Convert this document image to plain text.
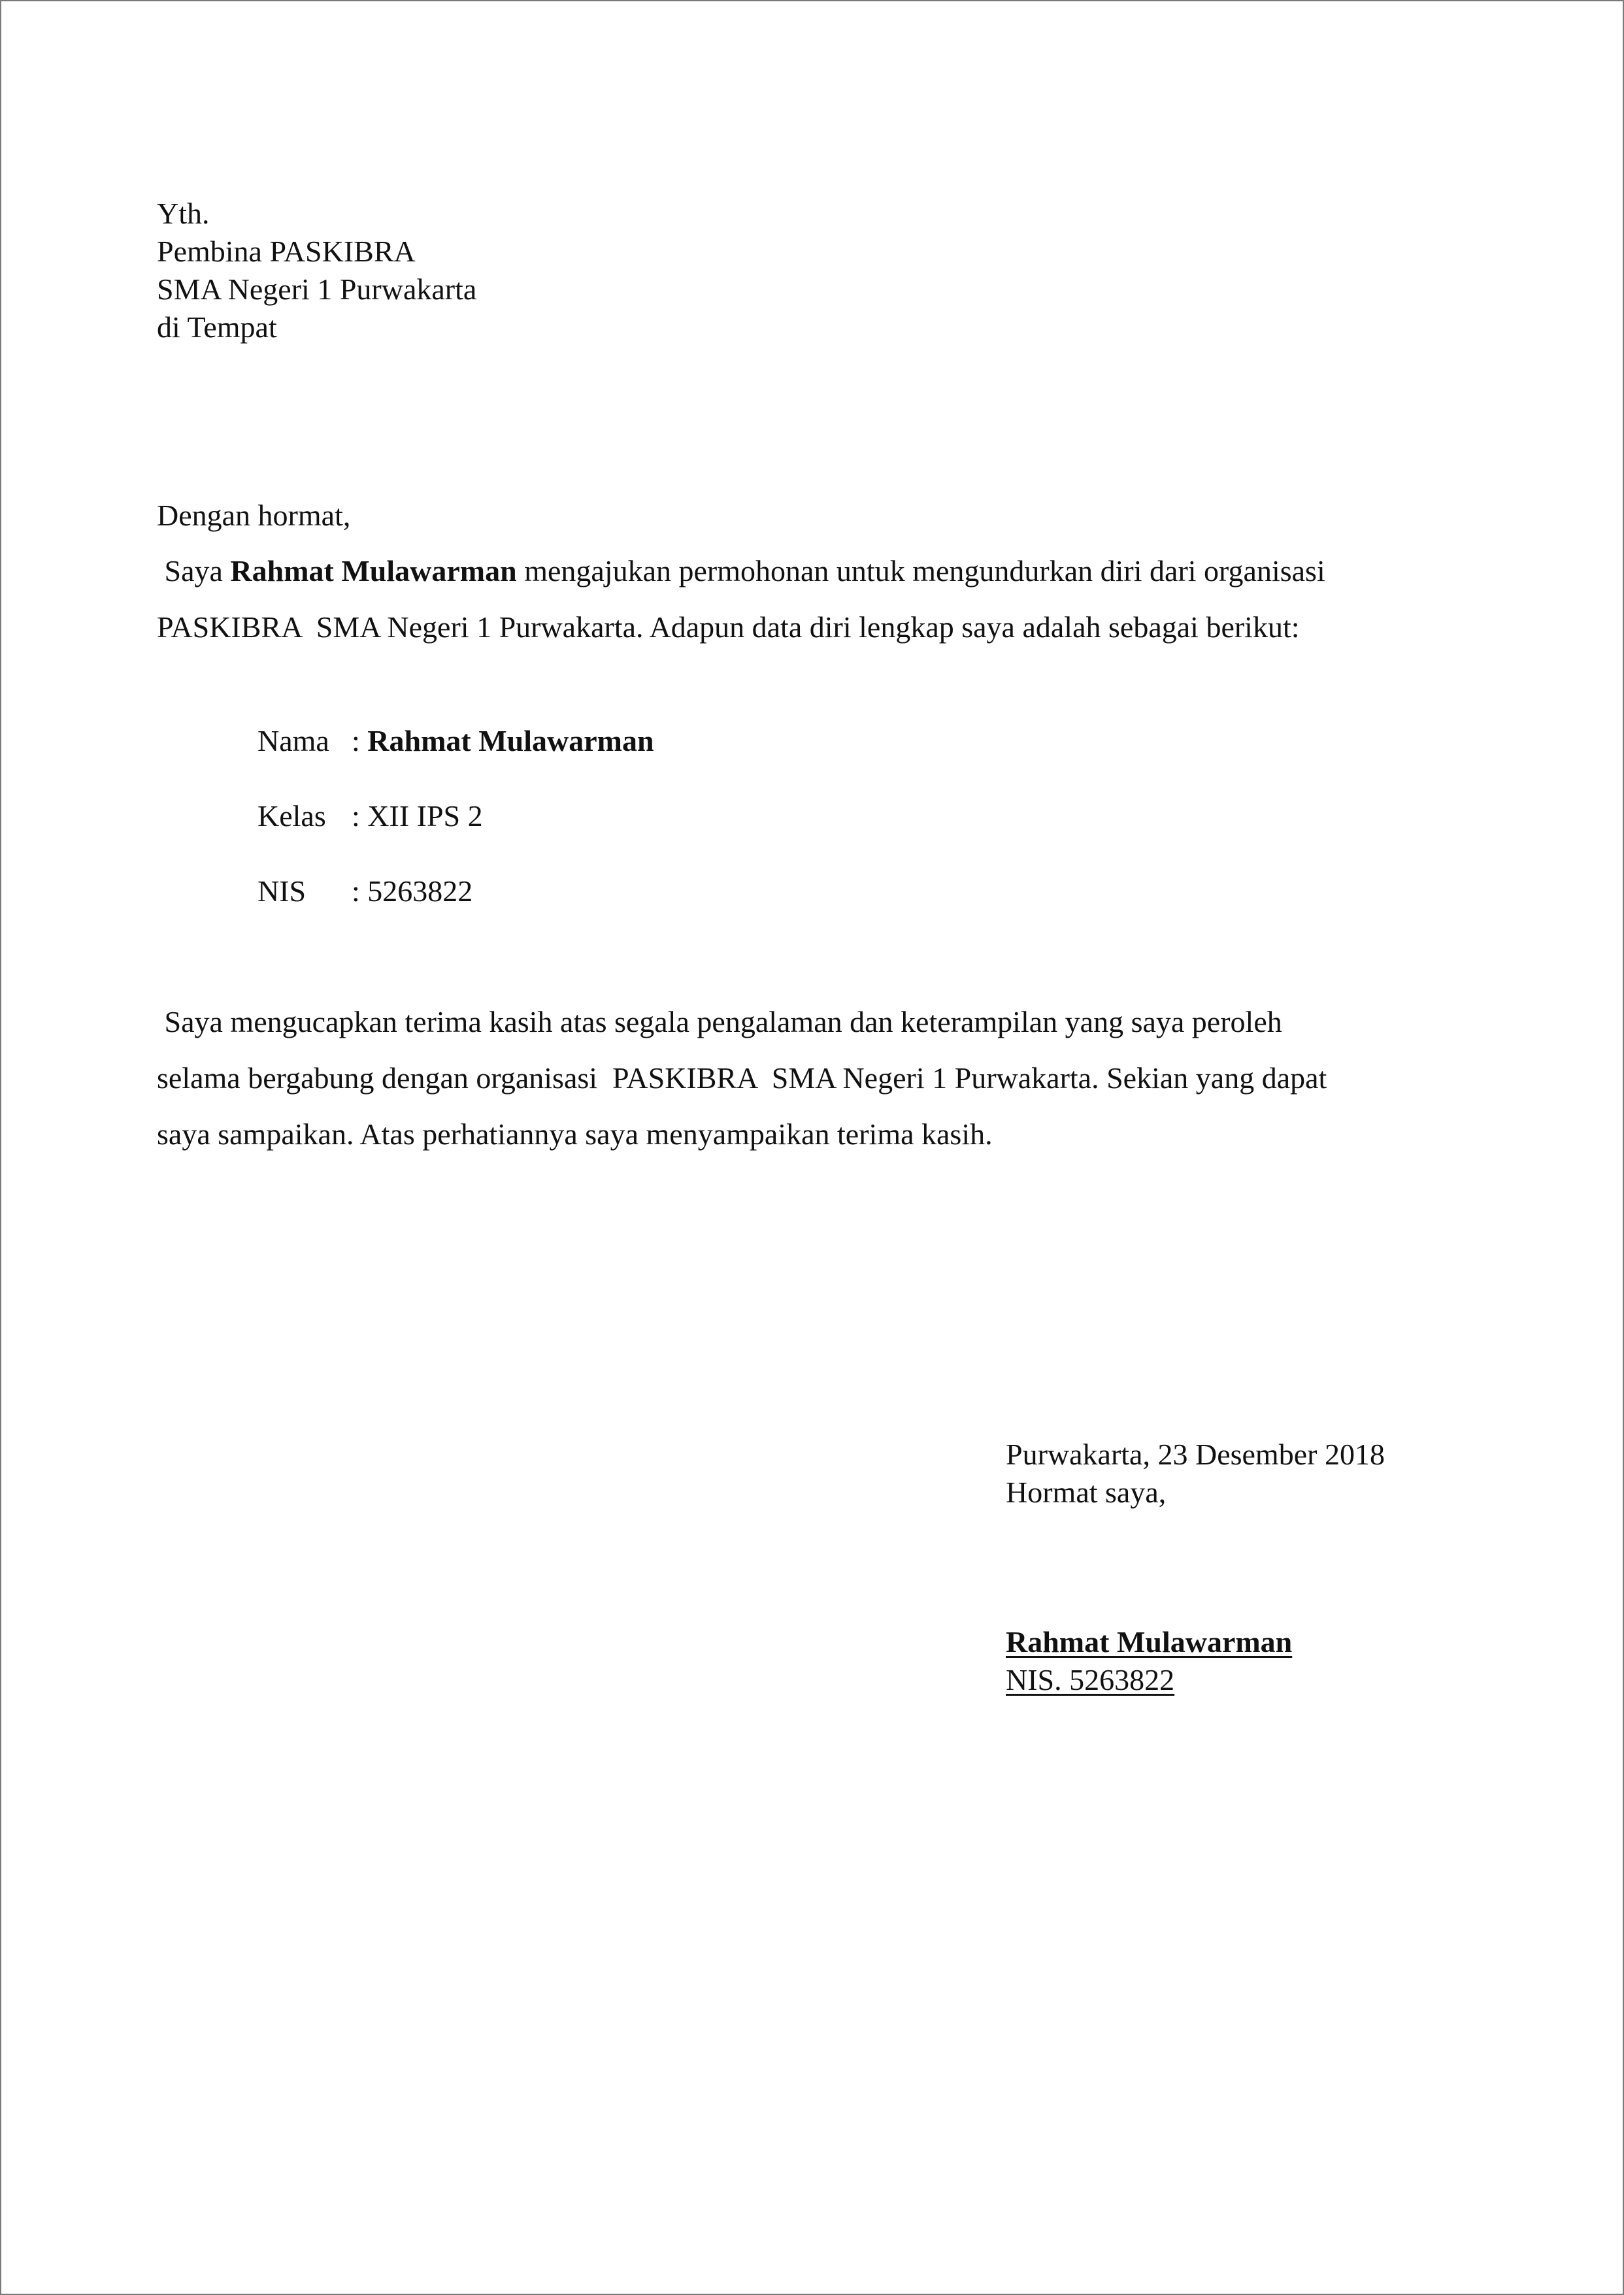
Yth.
Pembina PASKIBRA
SMA Negeri 1 Purwakarta
di Tempat
Dengan hormat,
Saya Rahmat Mulawarman mengajukan permohonan untuk mengundurkan diri dari organisasi
PASKIBRA  SMA Negeri 1 Purwakarta. Adapun data diri lengkap saya adalah sebagai berikut:
Nama : Rahmat Mulawarman
Kelas : XII IPS 2
NIS : 5263822
Saya mengucapkan terima kasih atas segala pengalaman dan keterampilan yang saya peroleh
selama bergabung dengan organisasi  PASKIBRA  SMA Negeri 1 Purwakarta. Sekian yang dapat
saya sampaikan. Atas perhatiannya saya menyampaikan terima kasih.
Purwakarta, 23 Desember 2018
Hormat saya,
Rahmat Mulawarman
NIS. 5263822
